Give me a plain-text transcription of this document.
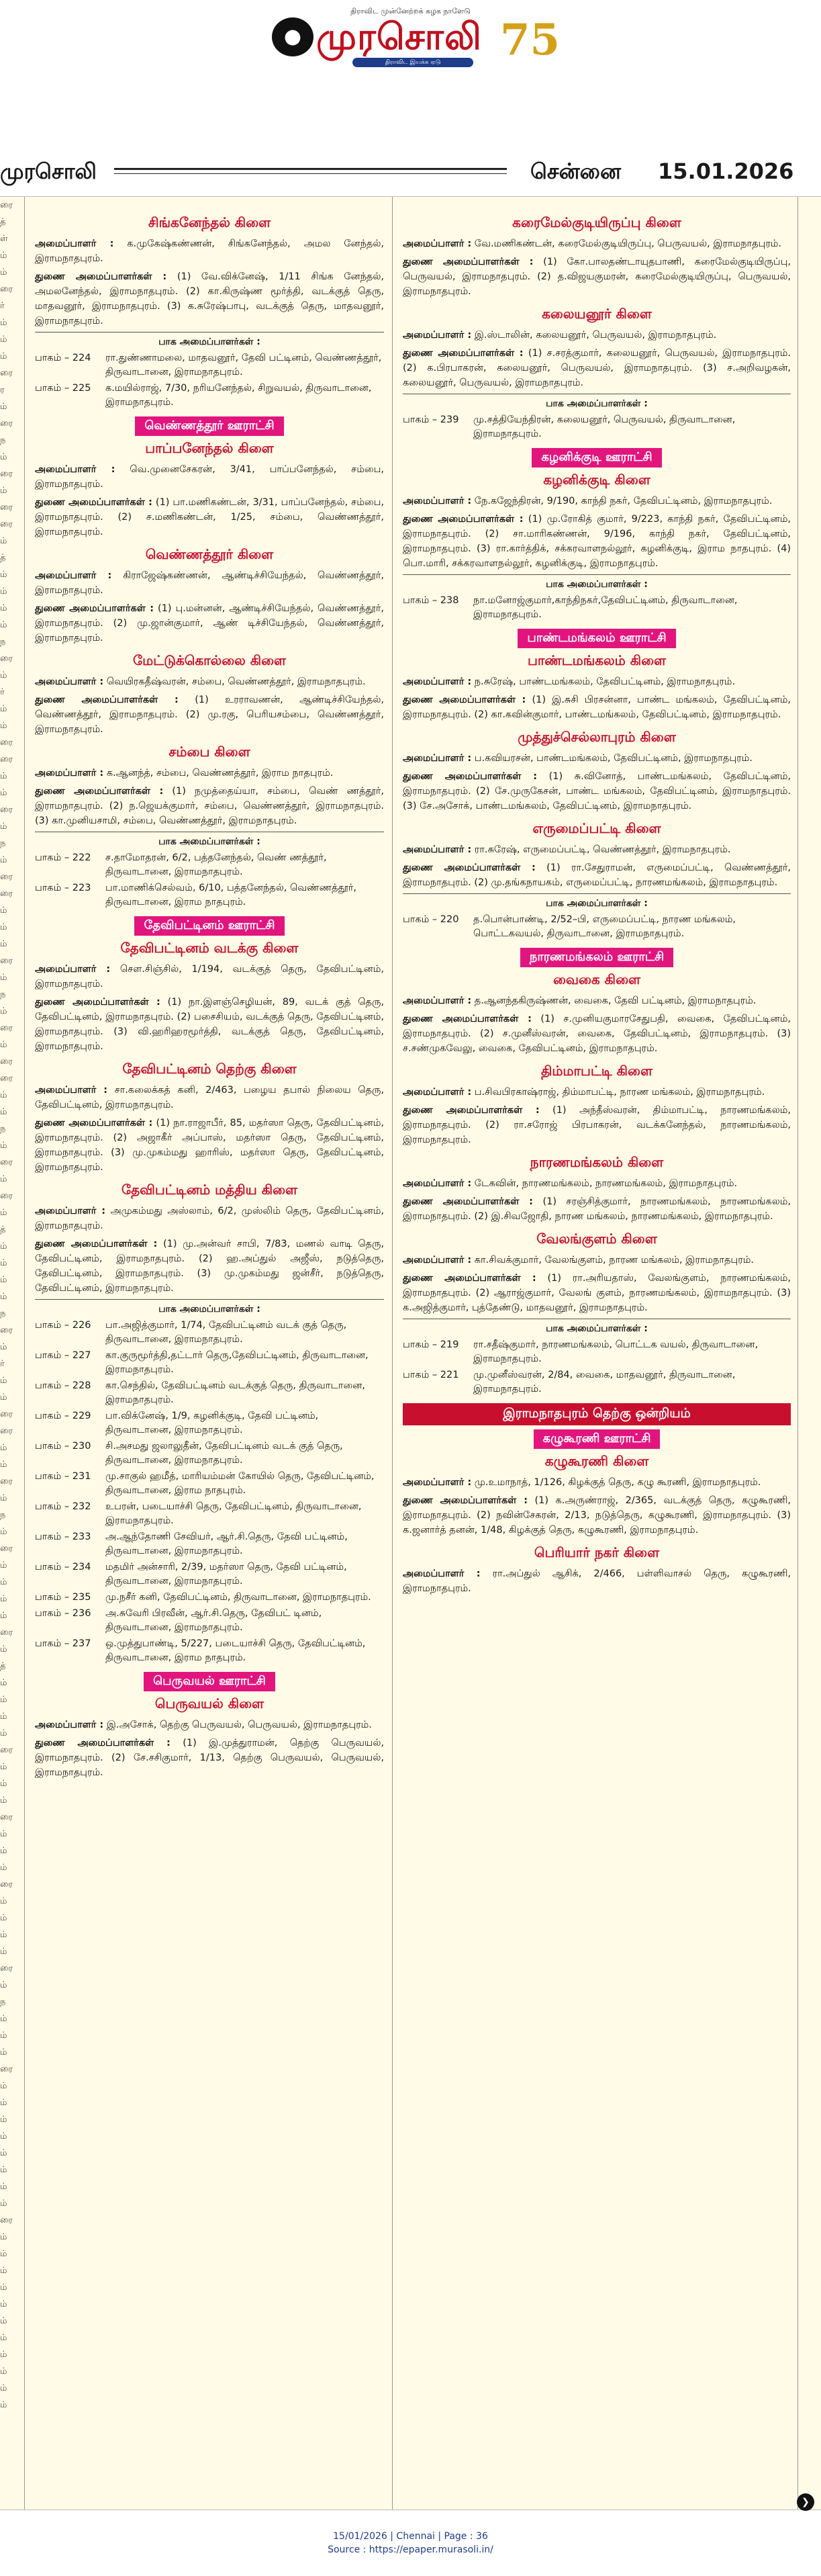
திராவிட முன்னேற்றக் கழக நாளேடு
● முரசொலி 75
திராவிட இயக்க ஏடு
முரசொலி	சென்னை 15.01.2026
ரை
த்
ள்
ம்
ம்
ரை
ர்
ம்
ம்
ம்
ரை
ர
ம்
ரை
ந
ம்
ரை
ம்
ரை
ரை
ம்
த்
ம்
ம்
ம்
ம்
ந
ரை
ம்
ர்
ம்
ம்
ரை
ரை
ம்
ம்
ரை
ம்
ந
ம்
ரை
ரை
ம்
ம்
ம்
ரை
ம்
ந
ம்
ரை
ம்
ரை
ரை
ம்
ம்
ந
ம்
ரை
ம்
ரை
ம்
த்
ம்
ம்
ம்
ம்
ந
ரை
ம்
ர்
ம்
ம்
ரை
ரை
ம்
ம்
ரை
ம்
ந
ம்
ரை
ம்
ம்
ம்
ம்
ரை
ம்
த்
ம்
ம்
ம்
ம்
ரை
ம்
ம்
ம்
ரை
ம்
ம்
ம்
ரை
ம்
ம்
ம்
ம்
ரை
ம்
ந
ம்
ம்
ம்
ரை
ம்
ம்
ம்
ம்
ம்
ம்
ம்
ம்
ரை
ம்
ம்
ம்
ம்
ம்
ம்
ம்
ம்
ம்
ம்
ம்
சிங்கனேந்தல் கிளை
அமைப்பாளர் : க.முகேஷ்கண்ணன், சிங்கனேந்தல், அமல னேந்தல், இராமநாதபுரம்.
துணை அமைப்பாளர்கள் : (1) வே.விக்னேஷ், 1/11 சிங்க னேந்தல், அமலனேந்தல், இராமநாதபுரம். (2) கா.கிருஷ்ண மூர்த்தி, வடக்குத் தெரு, மாதவனூர், இராமநாதபுரம். (3) க.சுரேஷ்பாபு, வடக்குத் தெரு, மாதவனூர், இராமநாதபுரம்.
பாக அமைப்பாளர்கள் :
பாகம் – 224	ரா.துண்ணாமலை, மாதவனூர், தேவி பட்டினம், வெண்ணத்தூர், திருவாடானை, இராமநாதபுரம்.
பாகம் – 225	க.மயில்ராஜ், 7/30, நரியனேந்தல், சிறுவயல், திருவாடானை, இராமநாதபுரம்.
வெண்ணத்தூர் ஊராட்சி
பாப்பனேந்தல் கிளை
அமைப்பாளர் : வெ.முனைசேகரன், 3/41, பாப்பனேந்தல், சம்பை, இராமநாதபுரம்.
துணை அமைப்பாளர்கள் : (1) பா.மணிகண்டன், 3/31, பாப்பனேந்தல், சம்பை, இராமநாதபுரம். (2) ச.மணிகண்டன், 1/25, சம்பை, வெண்ணத்தூர், இராமநாதபுரம்.
வெண்ணத்தூர் கிளை
அமைப்பாளர் : கிராஜேஷ்கண்ணன், ஆண்டிச்சியேந்தல், வெண்ணத்தூர், இராமநாதபுரம்.
துணை அமைப்பாளர்கள் : (1) பு.மன்னன், ஆண்டிச்சியேந்தல், வெண்ணத்தூர், இராமநாதபுரம். (2) மு.ஜான்குமார், ஆண் டிச்சியேந்தல், வெண்ணத்தூர், இராமநாதபுரம்.
மேட்டுக்கொல்லை கிளை
அமைப்பாளர் : வெயிரகதீஷ்வரன், சம்பை, வெண்ணத்தூர், இராமநாதபுரம்.
துணை அமைப்பாளர்கள் : (1) உரராவணன், ஆண்டிச்சியேந்தல், வெண்ணத்தூர், இராமநாதபுரம். (2) மு.ரகு, பெரியசம்பை, வெண்ணத்தூர், இராமநாதபுரம்.
சம்பை கிளை
அமைப்பாளர் : க.ஆனந்த், சம்பை, வெண்ணத்தூர், இராம நாதபுரம்.
துணை அமைப்பாளர்கள் : (1) நமுத்தைய்யா, சம்பை, வெண் ணத்தூர், இராமநாதபுரம். (2) ந.ஜெயக்குமார், சம்பை, வெண்ணத்தூர், இராமநாதபுரம். (3) கா.முனியசாமி, சம்பை, வெண்ணத்தூர், இராமநாதபுரம்.
பாக அமைப்பாளர்கள் :
பாகம் – 222	ச.தாமோதரன், 6/2, பத்தனேந்தல், வெண் ணத்தூர், திருவாடானை, இராமநாதபுரம்.
பாகம் – 223	பா.மாணிக்செல்வம், 6/10, பத்தனேந்தல், வெண்ணத்தூர், திருவாடானை, இராம நாதபுரம்.
தேவிபட்டினம் ஊராட்சி
தேவிபட்டினம் வடக்கு கிளை
அமைப்பாளர் : செள.சிஞ்சில், 1/194, வடக்குத் தெரு, தேவிபட்டினம், இராமநாதபுரம்.
துணை அமைப்பாளர்கள் : (1) நா.இளஞ்செழியன், 89, வடக் குத் தெரு, தேவிபட்டினம், இராமநாதபுரம். (2) பசைசியம், வடக்குத் தெரு, தேவிபட்டினம், இராமநாதபுரம். (3) வி.ஹரிஹரமூர்த்தி, வடக்குத் தெரு, தேவிபட்டினம், இராமநாதபுரம்.
தேவிபட்டினம் தெற்கு கிளை
அமைப்பாளர் : சா.கலைக்கத் கனி, 2/463, பழைய தபால் நிலைய தெரு, தேவிபட்டினம், இராமநாதபுரம்.
துணை அமைப்பாளர்கள் : (1) நா.ராஜாபீர், 85, மதர்ஸா தெரு, தேவிபட்டினம், இராமநாதபுரம். (2) அஜாகீர் அப்பாஸ், மதர்ஸா தெரு, தேவிபட்டினம், இராமநாதபுரம். (3) மு.முகம்மது ஹாரிஸ், மதர்ஸா தெரு, தேவிபட்டினம், இராமநாதபுரம்.
தேவிபட்டினம் மத்திய கிளை
அமைப்பாளர் : அமுகம்மது அஸ்லாம், 6/2, முஸ்லிம் தெரு, தேவிபட்டினம், இராமநாதபுரம்.
துணை அமைப்பாளர்கள் : (1) மு.அன்வர் சாபி, 7/83, மணல் வாடி தெரு, தேவிபட்டினம், இராமநாதபுரம். (2) ஹ.அப்துல் அஜீஸ், நடுத்தெரு, தேவிபட்டினம், இராமநாதபுரம். (3) மு.முகம்மது ஜன்சீர், நடுத்தெரு, தேவிபட்டினம், இராமநாதபுரம்.
பாக அமைப்பாளர்கள் :
பாகம் – 226	பா.அஜித்குமார், 1/74, தேவிபட்டினம் வடக் குத் தெரு, திருவாடானை, இராமநாதபுரம்.
பாகம் – 227	கா.குருமூர்த்தி,தட்டார் தெரு,தேவிபட்டினம், திருவாடானை, இராமநாதபுரம்.
பாகம் – 228	கா.செந்தில், தேவிபட்டினம் வடக்குத் தெரு, திருவாடானை, இராமநாதபுரம்.
பாகம் – 229	பா.விக்னேஷ், 1/9, கழனிக்குடி, தேவி பட்டினம், திருவாடானை, இராமநாதபுரம்.
பாகம் – 230	சி.அசமது ஜலாலுதீன், தேவிபட்டினம் வடக் குத் தெரு, திருவாடானை, இராமநாதபுரம்.
பாகம் – 231	மு.சாகுல் ஹமீத், மாரியம்மன் கோயில் தெரு, தேவிபட்டினம், திருவாடானை, இராம நாதபுரம்.
பாகம் – 232	உபரன், படையாச்சி தெரு, தேவிபட்டினம், திருவாடானை, இராமநாதபுரம்.
பாகம் – 233	அ.ஆந்தோணி சேவியர், ஆர்.சி.தெரு, தேவி பட்டினம், திருவாடானை, இராமநாதபுரம்.
பாகம் – 234	மதமிர் அன்சாரி, 2/39, மதர்ஸா தெரு, தேவி பட்டினம், திருவாடானை, இராமநாதபுரம்.
பாகம் – 235	மு.நசீர் கனி, தேவிபட்டினம், திருவாடானை, இராமநாதபுரம்.
பாகம் – 236	அ.சுவேரி பிரவீன், ஆர்.சி.தெரு, தேவிபட் டினம், திருவாடானை, இராமநாதபுரம்.
பாகம் – 237	ஒ.முத்துபாண்டி, 5/227, படையாச்சி தெரு, தேவிபட்டினம், திருவாடானை, இராம நாதபுரம்.
பெருவயல் ஊராட்சி
பெருவயல் கிளை
அமைப்பாளர் : இ.அசோக், தெற்கு பெருவயல், பெருவயல், இராமநாதபுரம்.
துணை அமைப்பாளர்கள் : (1) இ.முத்துராமன், தெற்கு பெருவயல், இராமநாதபுரம். (2) சே.சசிகுமார், 1/13, தெற்கு பெருவயல், பெருவயல், இராமநாதபுரம்.
கரைமேல்குடியிருப்பு கிளை
அமைப்பாளர் : வே.மணிகண்டன், கரைமேல்குடியிருப்பு, பெருவயல், இராமநாதபுரம்.
துணை அமைப்பாளர்கள் : (1) கோ.பாலதண்டாயுதபாணி, கரைமேல்குடியிருப்பு, பெருவயல், இராமநாதபுரம். (2) த.விஜயகுமரன், கரைமேல்குடியிருப்பு, பெருவயல், இராமநாதபுரம்.
கலையனூர் கிளை
அமைப்பாளர் : இ.ஸ்டாலின், கலையனூர், பெருவயல், இராமநாதபுரம்.
துணை அமைப்பாளர்கள் : (1) ச.சரத்குமார், கலையனூர், பெருவயல், இராமநாதபுரம். (2) க.பிரபாகரன், கலையனூர், பெருவயல், இராமநாதபுரம். (3) ச.அறிவழகன், கலையனூர், பெருவயல், இராமநாதபுரம்.
பாக அமைப்பாளர்கள் :
பாகம் – 239	மு.சத்தியேந்திரன், கலையனூர், பெருவயல், திருவாடானை, இராமநாதபுரம்.
கழனிக்குடி ஊராட்சி
கழனிக்குடி கிளை
அமைப்பாளர் : நே.கஜேந்திரன், 9/190, காந்தி நகர், தேவிபட்டினம், இராமநாதபுரம்.
துணை அமைப்பாளர்கள் : (1) மு.ரோகித் குமார், 9/223, காந்தி நகர், தேவிபட்டினம், இராமநாதபுரம். (2) சா.மாரிகண்ணன், 9/196, காந்தி நகர், தேவிபட்டினம், இராமநாதபுரம். (3) ரா.கார்த்திக், சக்கரவாளநல்லூர், கழனிக்குடி, இராம நாதபுரம். (4) பொ.மாரி, சக்கரவாளநல்லூர், கழனிக்குடி, இராமநாதபுரம்.
பாக அமைப்பாளர்கள் :
பாகம் – 238	நா.மனோஜ்குமார்,காந்திநகர்,தேவிபட்டினம், திருவாடானை, இராமநாதபுரம்.
பாண்டமங்கலம் ஊராட்சி
பாண்டமங்கலம் கிளை
அமைப்பாளர் : ந.சுரேஷ், பாண்டமங்கலம், தேவிபட்டினம், இராமநாதபுரம்.
துணை அமைப்பாளர்கள் : (1) இ.சுசி பிரசன்னா, பாண்ட மங்கலம், தேவிபட்டினம், இராமநாதபுரம். (2) கா.கவின்குமார், பாண்டமங்கலம், தேவிபட்டினம், இராமநாதபுரம்.
முத்துச்செல்லாபுரம் கிளை
அமைப்பாளர் : ப.கவியரசன், பாண்டமங்கலம், தேவிபட்டினம், இராமநாதபுரம்.
துணை அமைப்பாளர்கள் : (1) சு.வினோத், பாண்டமங்கலம், தேவிபட்டினம், இராமநாதபுரம். (2) சே.முருகேசன், பாண்ட மங்கலம், தேவிபட்டினம், இராமநாதபுரம். (3) சே.அசோக், பாண்டமங்கலம், தேவிபட்டினம், இராமநாதபுரம்.
எருமைப்பட்டி கிளை
அமைப்பாளர் : ரா.சுரேஷ், எருமைப்பட்டி, வெண்ணத்தூர், இராமநாதபுரம்.
துணை அமைப்பாளர்கள் : (1) ரா.சேதுராமன், எருமைப்பட்டி, வெண்ணத்தூர், இராமநாதபுரம். (2) மு.தங்கநாயகம், எருமைப்பட்டி, நாரணமங்கலம், இராமநாதபுரம்.
பாக அமைப்பாளர்கள் :
பாகம் – 220	த.பொன்பாண்டி, 2/52–பி, எருமைப்பட்டி, நாரண மங்கலம், பொட்டகவயல், திருவாடானை, இராமநாதபுரம்.
நாரணமங்கலம் ஊராட்சி
வைகை கிளை
அமைப்பாளர் : த.ஆனந்தகிருஷ்ணன், வைகை, தேவி பட்டினம், இராமநாதபுரம்.
துணை அமைப்பாளர்கள் : (1) ச.முனியகுமாரசேதுபதி, வைகை, தேவிபட்டினம், இராமநாதபுரம். (2) ச.முனீஸ்வரன், வைகை, தேவிபட்டினம், இராமநாதபுரம். (3) ச.சண்முகவேலு, வைகை, தேவிபட்டினம், இராமநாதபுரம்.
திம்மாபட்டி கிளை
அமைப்பாளர் : ப.சிவபிரகாஷ்ராஜ், திம்மாபட்டி, நாரண மங்கலம், இராமநாதபுரம்.
துணை அமைப்பாளர்கள் : (1) அந்தீஸ்வரன், திம்மாபட்டி, நாரணமங்கலம், இராமநாதபுரம். (2) ரா.சரோஜ் பிரபாகரன், வடக்கனேந்தல், நாரணமங்கலம், இராமநாதபுரம்.
நாரணமங்கலம் கிளை
அமைப்பாளர் : டேகவின், நாரணமங்கலம், நாரணமங்கலம், இராமநாதபுரம்.
துணை அமைப்பாளர்கள் : (1) சரஞ்சித்குமார், நாரணமங்கலம், நாரணமங்கலம், இராமநாதபுரம். (2) இ.சிவஜோதி, நாரண மங்கலம், நாரணமங்கலம், இராமநாதபுரம்.
வேலங்குளம் கிளை
அமைப்பாளர் : கா.சிவக்குமார், வேலங்குளம், நாரண மங்கலம், இராமநாதபுரம்.
துணை அமைப்பாளர்கள் : (1) ரா.அரியதாஸ், வேலங்குளம், நாரணமங்கலம், இராமநாதபுரம். (2) ஆராஜ்குமார், வேலங் குளம், நாரணமங்கலம், இராமநாதபுரம். (3) க.அஜித்குமார், புத்தேண்டு, மாதவனூர், இராமநாதபுரம்.
பாக அமைப்பாளர்கள் :
பாகம் – 219	ரா.சதீஷ்குமார், நாரணமங்கலம், பொட்டக வயல், திருவாடானை, இராமநாதபுரம்.
பாகம் – 221	மு.முனீஸ்வரன், 2/84, வைகை, மாதவனூர், திருவாடானை, இராமநாதபுரம்.
இராமநாதபுரம் தெற்கு ஒன்றியம்
கழுகூரணி ஊராட்சி
கழுகூரணி கிளை
அமைப்பாளர் : மு.உமாநாத், 1/126, கிழக்குத் தெரு, கழு கூரணி, இராமநாதபுரம்.
துணை அமைப்பாளர்கள் : (1) க.அருண்ராஜ், 2/365, வடக்குத் தெரு, கழுகூரணி, இராமநாதபுரம். (2) நவின்சேகரன், 2/13, நடுத்தெரு, கழுகூரணி, இராமநாதபுரம். (3) க.ஜனார்த் தனன், 1/48, கிழக்குத் தெரு, கழுகூரணி, இராமநாதபுரம்.
பெரியார் நகர் கிளை
அமைப்பாளர் : ரா.அப்துல் ஆசிக், 2/466, பள்ளிவாசல் தெரு, கழுகூரணி, இராமநாதபுரம்.
❯
15/01/2026 | Chennai | Page : 36
Source : https://epaper.murasoli.in/
